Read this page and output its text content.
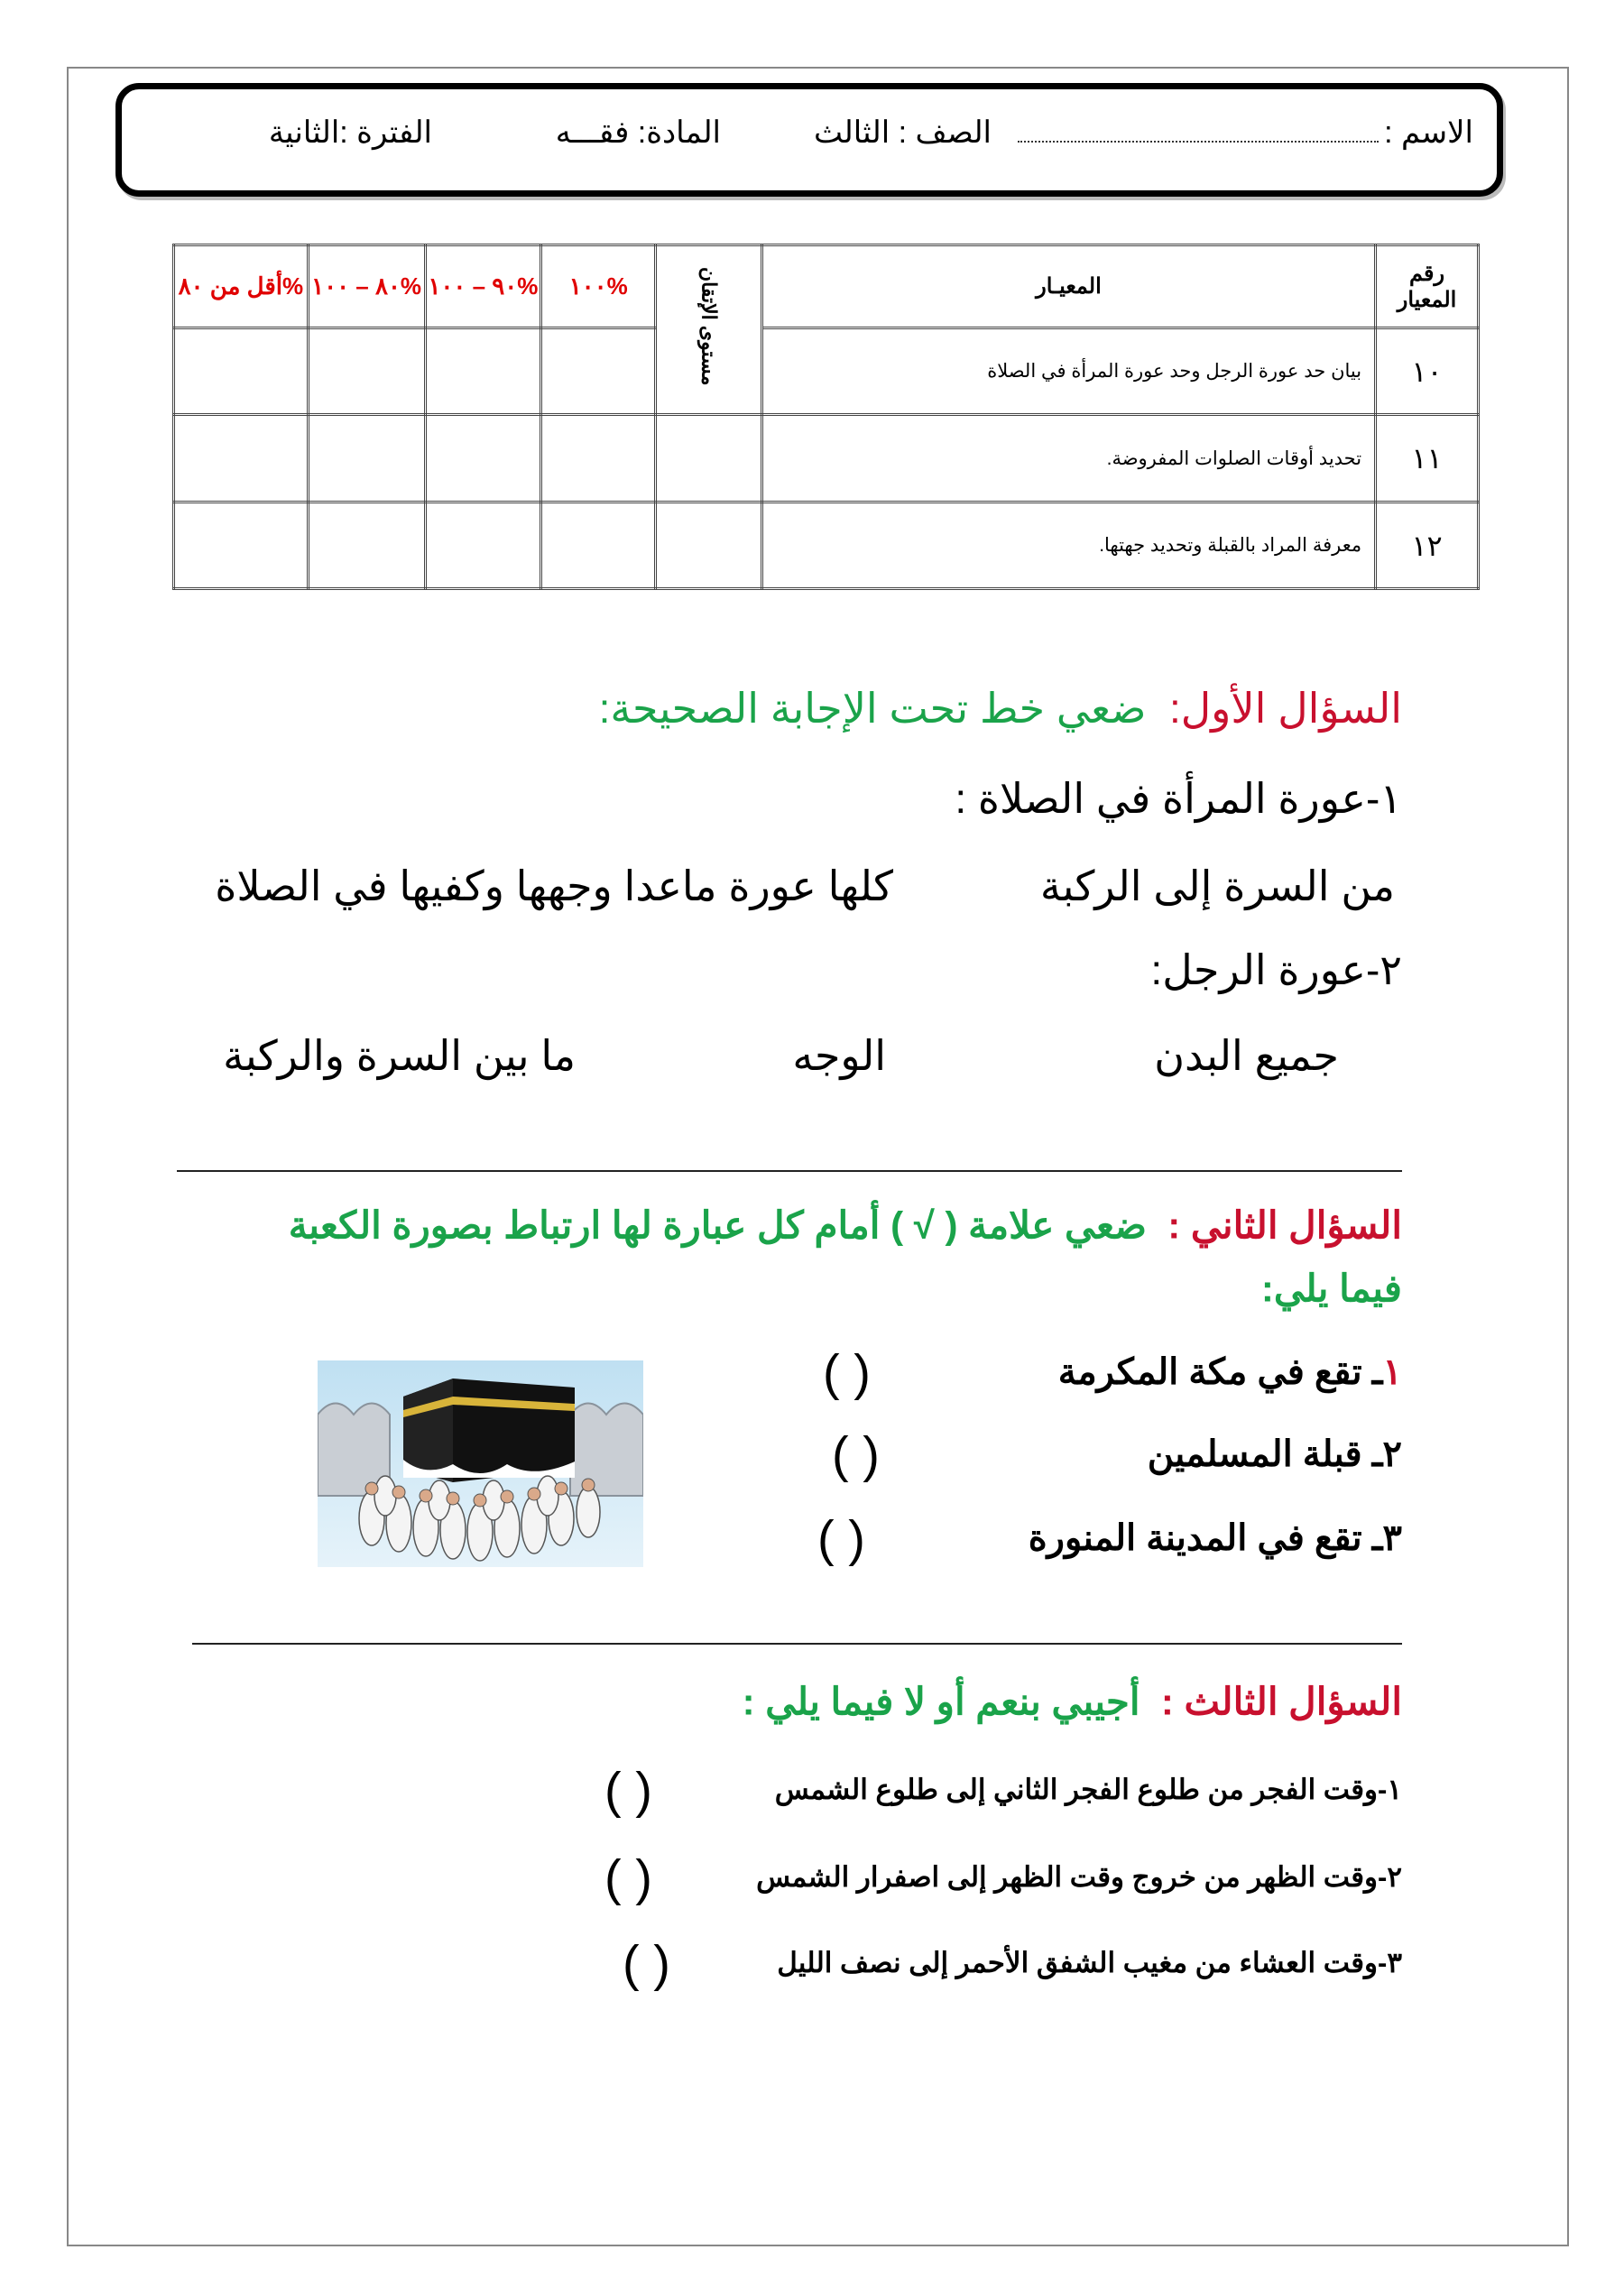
الاسم :
الصف : الثالث
المادة: فقـــه
الفترة :الثانية
أقل من ٨٠%	٨٠ – ١٠٠%	٩٠ – ١٠٠%	١٠٠%	مستوى الإتقان	المعيـار	رقم المعيار
					بيان حد عورة الرجل وحد عورة المرأة في الصلاة	١٠
					تحديد أوقات الصلوات المفروضة.	١١
					معرفة المراد بالقبلة وتحديد جهتها.	١٢
السؤال الأول:  ضعي خط تحت الإجابة الصحيحة:
١-عورة المرأة في الصلاة :
من السرة إلى الركبة
كلها عورة ماعدا وجهها وكفيها في الصلاة
٢-عورة الرجل:
جميع البدن
الوجه
ما بين السرة والركبة
السؤال الثاني :  ضعي علامة ( √ ) أمام كل عبارة لها ارتباط بصورة الكعبة
فيما يلي:
١ـ تقع في مكة المكرمة
( )
٢ـ قبلة المسلمين
( )
٣ـ تقع في المدينة المنورة
( )
السؤال الثالث :  أجيبي بنعم أو لا فيما يلي :
١-وقت الفجر من طلوع الفجر الثاني إلى طلوع الشمس
( )
٢-وقت الظهر من خروج وقت الظهر إلى اصفرار الشمس
( )
٣-وقت العشاء من مغيب الشفق الأحمر إلى نصف الليل
( )
